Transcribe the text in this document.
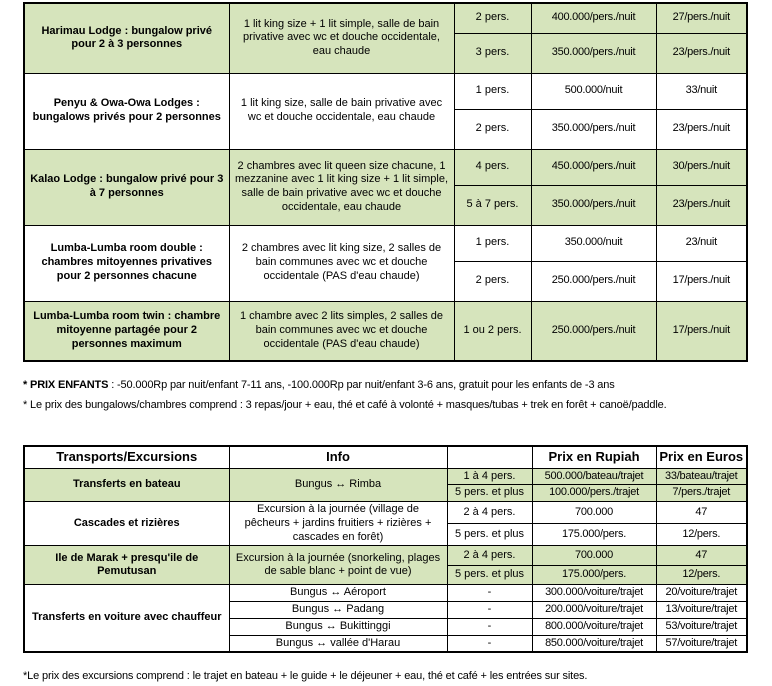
Harimau Lodge : bungalow privé pour 2 à 3 personnes	1 lit king size + 1 lit simple, salle de bain privative avec wc et douche occidentale, eau chaude	2 pers.	400.000/pers./nuit	27/pers./nuit
		3 pers.	350.000/pers./nuit	23/pers./nuit
Penyu & Owa-Owa Lodges : bungalows privés pour 2 personnes	1 lit king size, salle de bain privative avec wc et douche occidentale, eau chaude	1 pers.	500.000/nuit	33/nuit
		2 pers.	350.000/pers./nuit	23/pers./nuit
Kalao Lodge : bungalow privé pour 3 à 7 personnes	2 chambres avec lit queen size chacune, 1 mezzanine avec 1 lit king size + 1 lit simple, salle de bain privative avec wc et douche occidentale, eau chaude	4 pers.	450.000/pers./nuit	30/pers./nuit
		5 à 7 pers.	350.000/pers./nuit	23/pers./nuit
Lumba-Lumba room double : chambres mitoyennes privatives pour 2 personnes chacune	2 chambres avec lit king size, 2 salles de bain communes avec wc et douche occidentale (PAS d'eau chaude)	1 pers.	350.000/nuit	23/nuit
		2 pers.	250.000/pers./nuit	17/pers./nuit
Lumba-Lumba room twin : chambre mitoyenne partagée pour 2 personnes maximum	1 chambre avec 2 lits simples, 2 salles de bain communes avec wc et douche occidentale (PAS d'eau chaude)	1 ou 2 pers.	250.000/pers./nuit	17/pers./nuit
* PRIX ENFANTS : -50.000Rp par nuit/enfant 7-11 ans, -100.000Rp par nuit/enfant 3-6 ans, gratuit pour les enfants de -3 ans
* Le prix des bungalows/chambres comprend : 3 repas/jour + eau, thé et café à volonté + masques/tubas + trek en forêt + canoë/paddle.
Transports/Excursions	Info		Prix en Rupiah	Prix en Euros
Transferts en bateau	Bungus ↔ Rimba	1 à 4 pers.	500.000/bateau/trajet	33/bateau/trajet
		5 pers. et plus	100.000/pers./trajet	7/pers./trajet
Cascades et rizières	Excursion à la journée (village de pêcheurs + jardins fruitiers + rizières + cascades en forêt)	2 à 4 pers.	700.000	47
		5 pers. et plus	175.000/pers.	12/pers.
Ile de Marak + presqu'ile de Pemutusan	Excursion à la journée (snorkeling, plages de sable blanc + point de vue)	2 à 4 pers.	700.000	47
		5 pers. et plus	175.000/pers.	12/pers.
Transferts en voiture avec chauffeur	Bungus ↔ Aéroport	-	300.000/voiture/trajet	20/voiture/trajet
	Bungus ↔ Padang	-	200.000/voiture/trajet	13/voiture/trajet
	Bungus ↔ Bukittinggi	-	800.000/voiture/trajet	53/voiture/trajet
	Bungus ↔ vallée d'Harau	-	850.000/voiture/trajet	57/voiture/trajet
*Le prix des excursions comprend : le trajet en bateau + le guide + le déjeuner + eau, thé et café + les entrées sur sites.
